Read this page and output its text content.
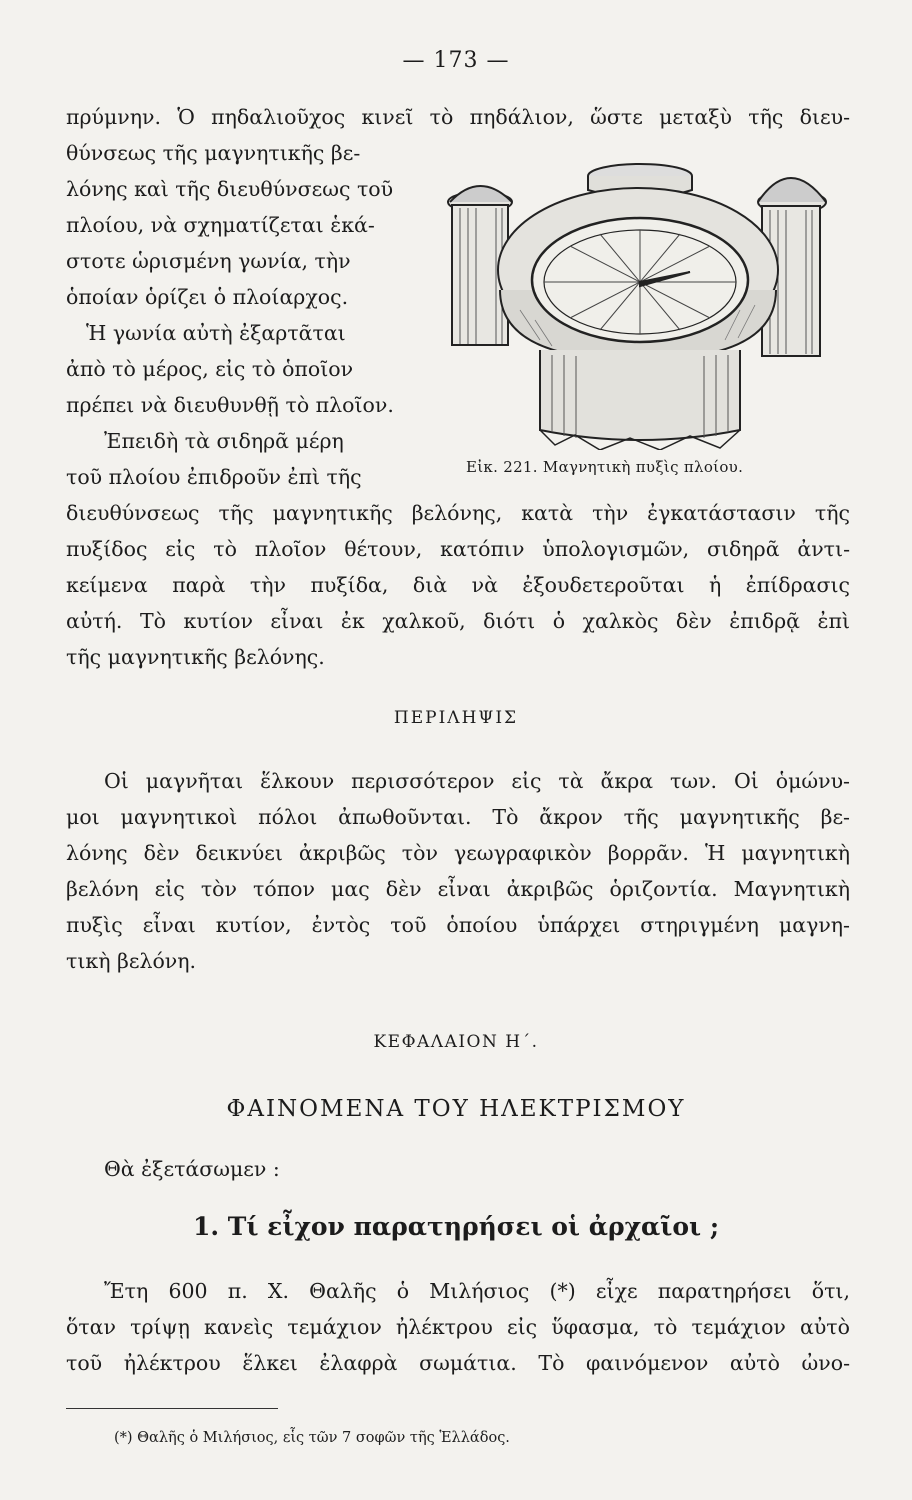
— 173 —
πρύμνην. Ὁ πηδαλιοῦχος κινεῖ τὸ πηδάλιον, ὥστε μεταξὺ τῆς διευ-
θύνσεως τῆς μαγνητικῆς βε-
λόνης καὶ τῆς διευθύνσεως τοῦ
πλοίου, νὰ σχηματίζεται ἑκά-
στοτε ὡρισμένη γωνία, τὴν
ὁποίαν ὁρίζει ὁ πλοίαρχος.
Ἡ γωνία αὐτὴ ἐξαρτᾶται
ἀπὸ τὸ μέρος, εἰς τὸ ὁποῖον
πρέπει νὰ διευθυνθῇ τὸ πλοῖον.
Ἐπειδὴ τὰ σιδηρᾶ μέρη
τοῦ πλοίου ἐπιδροῦν ἐπὶ τῆς
διευθύνσεως τῆς μαγνητικῆς βελόνης, κατὰ τὴν ἐγκατάστασιν τῆς
πυξίδος εἰς τὸ πλοῖον θέτουν, κατόπιν ὑπολογισμῶν, σιδηρᾶ ἀντι-
κείμενα παρὰ τὴν πυξίδα, διὰ νὰ ἐξουδετεροῦται ἡ ἐπίδρασις
αὐτή. Τὸ κυτίον εἶναι ἐκ χαλκοῦ, διότι ὁ χαλκὸς δὲν ἐπιδρᾷ ἐπὶ
τῆς μαγνητικῆς βελόνης.
Εἰκ. 221. Μαγνητικὴ πυξὶς πλοίου.
ΠΕΡΙΛΗΨΙΣ
Οἱ μαγνῆται ἕλκουν περισσότερον εἰς τὰ ἄκρα των. Οἱ ὁμώνυ-
μοι μαγνητικοὶ πόλοι ἀπωθοῦνται. Τὸ ἄκρον τῆς μαγνητικῆς βε-
λόνης δὲν δεικνύει ἀκριβῶς τὸν γεωγραφικὸν βορρᾶν. Ἡ μαγνητικὴ
βελόνη εἰς τὸν τόπον μας δὲν εἶναι ἀκριβῶς ὁριζοντία. Μαγνητικὴ
πυξὶς εἶναι κυτίον, ἐντὸς τοῦ ὁποίου ὑπάρχει στηριγμένη μαγνη-
τικὴ βελόνη.
ΚΕΦΑΛΑΙΟΝ Η΄.
ΦΑΙΝΟΜΕΝΑ ΤΟΥ ΗΛΕΚΤΡΙΣΜΟΥ
Θὰ ἐξετάσωμεν :
1. Τί εἶχον παρατηρήσει οἱ ἀρχαῖοι ;
Ἔτη 600 π. Χ. Θαλῆς ὁ Μιλήσιος (*) εἶχε παρατηρήσει ὅτι,
ὅταν τρίψῃ κανεὶς τεμάχιον ἠλέκτρου εἰς ὕφασμα, τὸ τεμάχιον αὐτὸ
τοῦ ἠλέκτρου ἕλκει ἐλαφρὰ σωμάτια. Τὸ φαινόμενον αὐτὸ ὠνο-
(*) Θαλῆς ὁ Μιλήσιος, εἷς τῶν 7 σοφῶν τῆς Ἑλλάδος.
